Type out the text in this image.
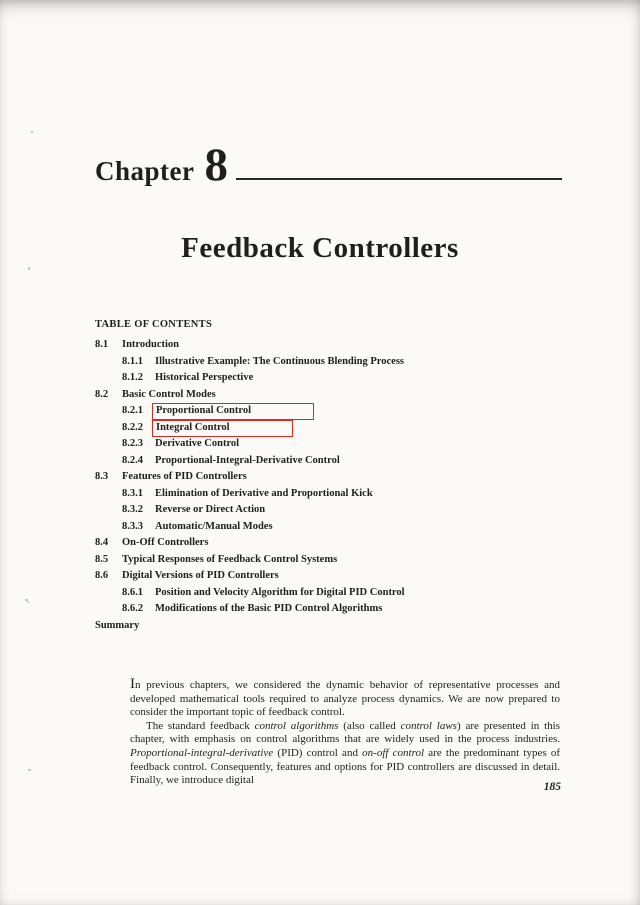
Chapter 8
Feedback Controllers
TABLE OF CONTENTS
8.1 Introduction
8.1.1 Illustrative Example: The Continuous Blending Process
8.1.2 Historical Perspective
8.2 Basic Control Modes
8.2.1 Proportional Control
8.2.2 Integral Control
8.2.3 Derivative Control
8.2.4 Proportional-Integral-Derivative Control
8.3 Features of PID Controllers
8.3.1 Elimination of Derivative and Proportional Kick
8.3.2 Reverse or Direct Action
8.3.3 Automatic/Manual Modes
8.4 On-Off Controllers
8.5 Typical Responses of Feedback Control Systems
8.6 Digital Versions of PID Controllers
8.6.1 Position and Velocity Algorithm for Digital PID Control
8.6.2 Modifications of the Basic PID Control Algorithms
Summary

In previous chapters, we considered the dynamic behavior of representative processes and developed mathematical tools required to analyze process dynamics. We are now prepared to consider the important topic of feedback control.

The standard feedback control algorithms (also called control laws) are presented in this chapter, with emphasis on control algorithms that are widely used in the process industries. Proportional-integral-derivative (PID) control and on-off control are the predominant types of feedback control. Consequently, features and options for PID controllers are discussed in detail. Finally, we introduce digital

185
